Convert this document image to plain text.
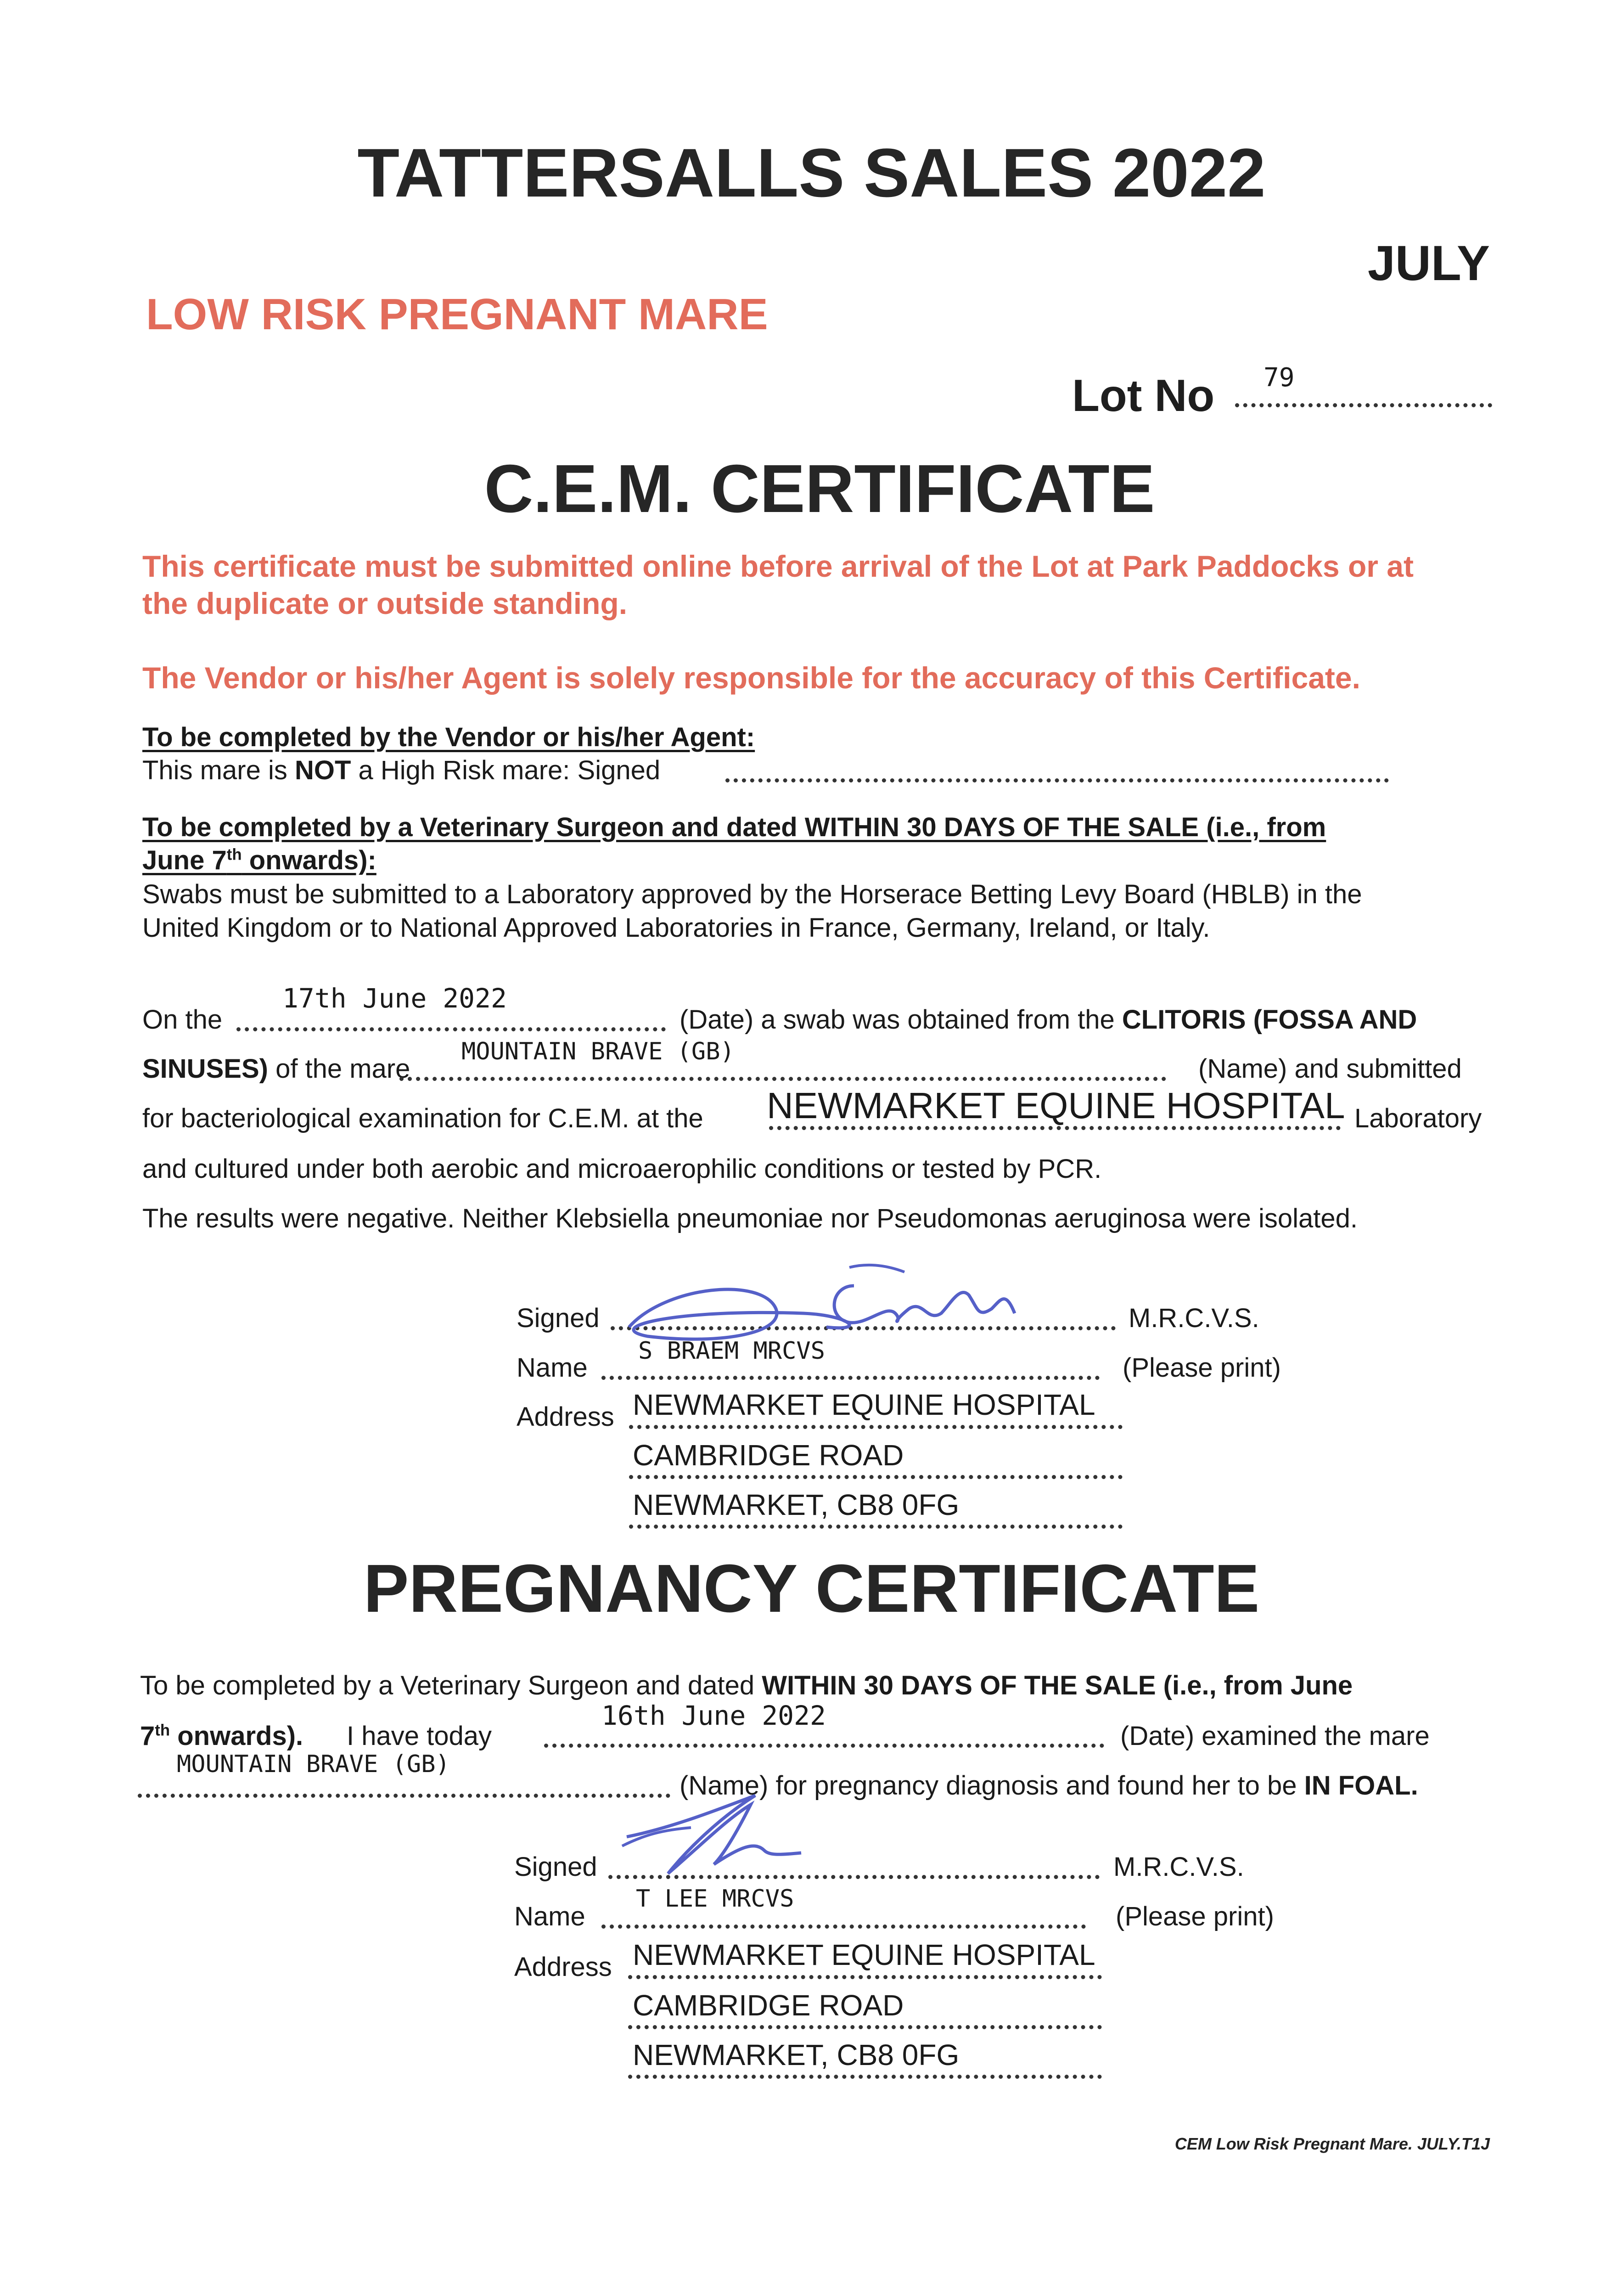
TATTERSALLS SALES 2022
JULY
LOW RISK PREGNANT MARE
Lot No 79
C.E.M. CERTIFICATE
This certificate must be submitted online before arrival of the Lot at Park Paddocks or at
the duplicate or outside standing.
The Vendor or his/her Agent is solely responsible for the accuracy of this Certificate.
To be completed by the Vendor or his/her Agent:
This mare is NOT a High Risk mare: Signed
To be completed by a Veterinary Surgeon and dated WITHIN 30 DAYS OF THE SALE (i.e., from
June 7th onwards):
Swabs must be submitted to a Laboratory approved by the Horserace Betting Levy Board (HBLB) in the
United Kingdom or to National Approved Laboratories in France, Germany, Ireland, or Italy.
On the
17th June 2022
(Date) a swab was obtained from the CLITORIS (FOSSA AND
SINUSES) of the mare
MOUNTAIN BRAVE (GB)
(Name) and submitted
for bacteriological examination for C.E.M. at the NEWMARKET EQUINE HOSPITAL Laboratory
and cultured under both aerobic and microaerophilic conditions or tested by PCR.
The results were negative. Neither Klebsiella pneumoniae nor Pseudomonas aeruginosa were isolated.
Signed	M.R.C.V.S.
Name
S BRAEM MRCVS
(Please print)
Address NEWMARKET EQUINE HOSPITAL
CAMBRIDGE ROAD
NEWMARKET, CB8 0FG
PREGNANCY CERTIFICATE
To be completed by a Veterinary Surgeon and dated WITHIN 30 DAYS OF THE SALE (i.e., from June
7th onwards). I have today
16th June 2022
(Date) examined the mare
MOUNTAIN BRAVE (GB)
(Name) for pregnancy diagnosis and found her to be IN FOAL.
Signed	M.R.C.V.S.
Name
T LEE MRCVS
(Please print)
Address NEWMARKET EQUINE HOSPITAL
CAMBRIDGE ROAD
NEWMARKET, CB8 0FG
CEM Low Risk Pregnant Mare. JULY.T1J
